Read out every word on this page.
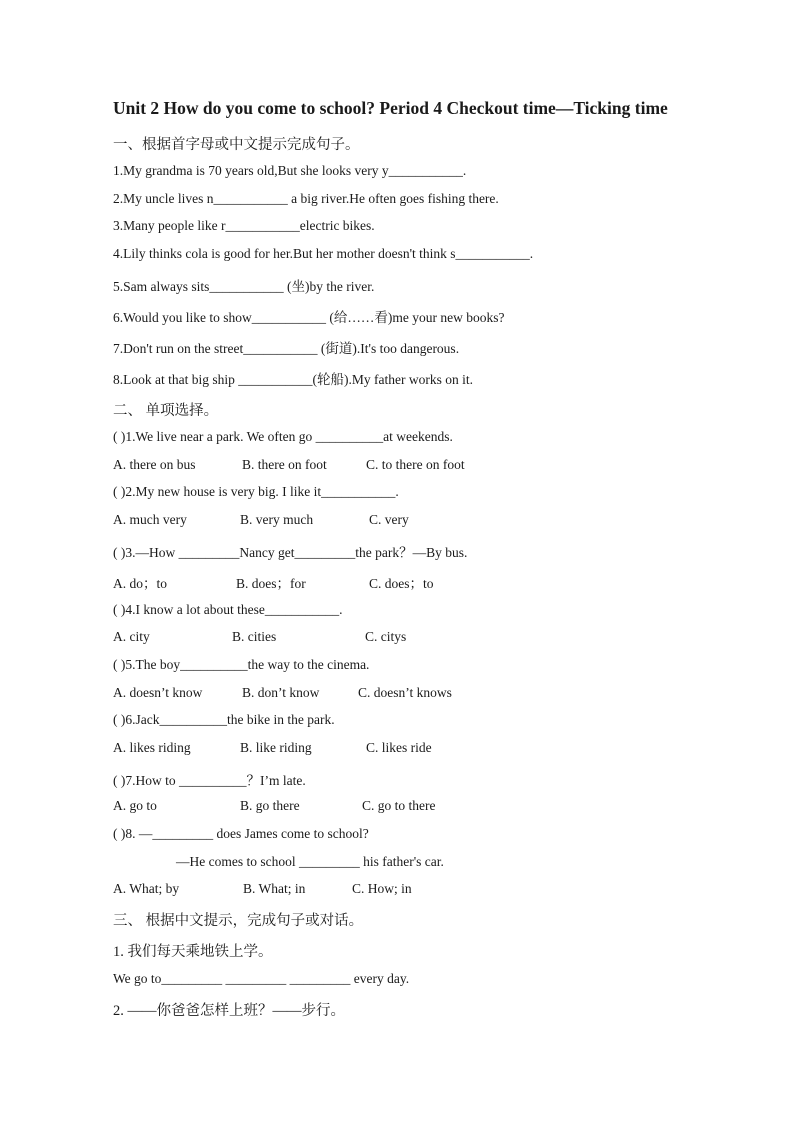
Unit 2 How do you come to school? Period 4 Checkout time—Ticking time
一、根据首字母或中文提示完成句子。
1.My grandma is 70 years old,But she looks very y___________.
2.My uncle lives n___________ a big river.He often goes fishing there.
3.Many people like r___________electric bikes.
4.Lily thinks cola is good for her.But her mother doesn't think s___________.
5.Sam always sits___________ (坐)by the river.
6.Would you like to show___________ (给……看)me your new books?
7.Don't run on the street___________ (街道).It's too dangerous.
8.Look at that big ship ___________(轮船).My father works on it.
二、 单项选择。
( )1.We live near a park. We often go __________at weekends.
A. there on bus	B. there on foot	C. to there on foot
( )2.My new house is very big. I like it___________.
A. much very	B. very much	C. very
( )3.—How _________Nancy get_________the park？—By bus.
A. do；to	B. does；for	C. does；to
( )4.I know a lot about these___________.
A. city	B. cities	C. citys
( )5.The boy__________the way to the cinema.
A. doesn’t know	B. don’t know	C. doesn’t knows
( )6.Jack__________the bike in the park.
A. likes riding	B. like riding	C. likes ride
( )7.How to __________？I’m late.
A. go to	B. go there	C. go to there
( )8. —_________ does James come to school?
—He comes to school _________ his father's car.
A. What; by	B. What; in	C. How; in
三、 根据中文提示，完成句子或对话。
1. 我们每天乘地铁上学。
We go to_________ _________ _________ every day.
2. ——你爸爸怎样上班？——步行。
